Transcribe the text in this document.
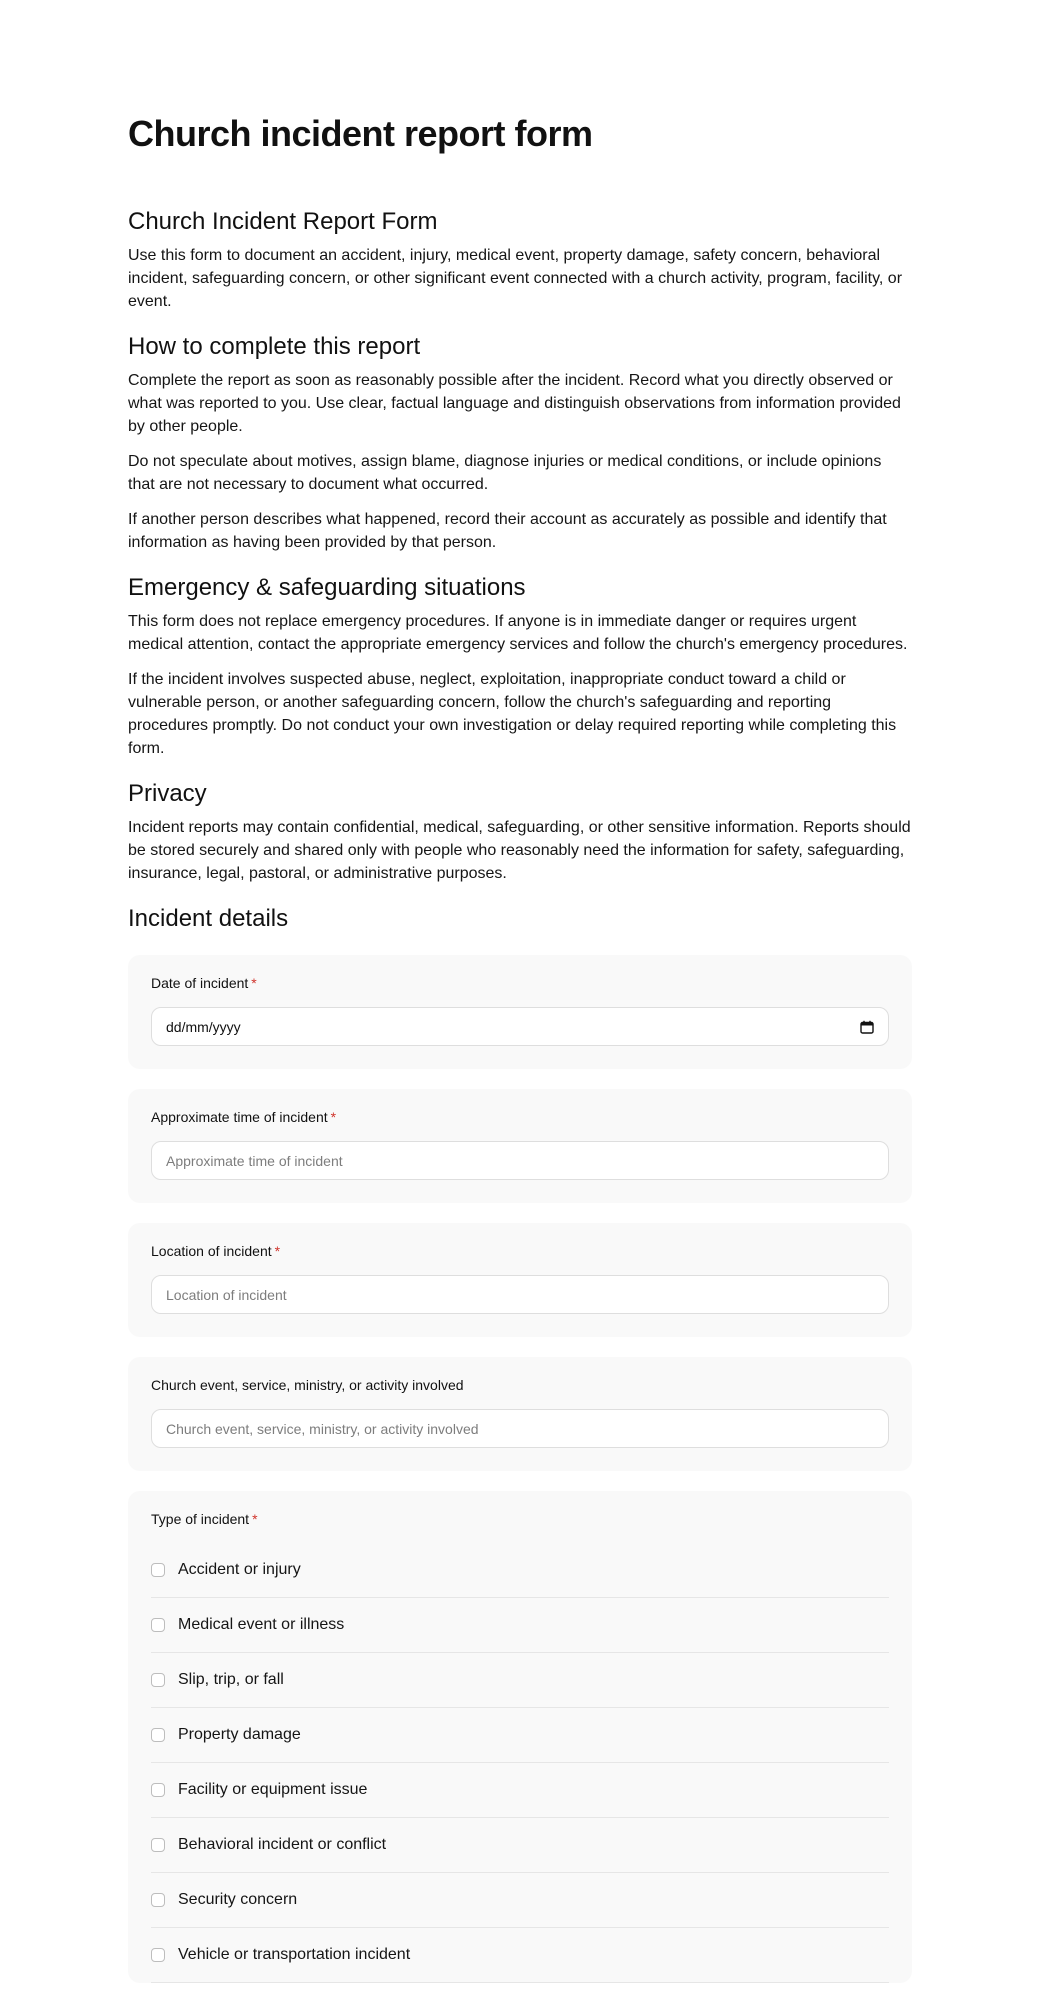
Church incident report form
Church Incident Report Form

Use this form to document an accident, injury, medical event, property damage, safety concern, behavioral incident, safeguarding concern, or other significant event connected with a church activity, program, facility, or event.

How to complete this report

Complete the report as soon as reasonably possible after the incident. Record what you directly observed or what was reported to you. Use clear, factual language and distinguish observations from information provided by other people.

Do not speculate about motives, assign blame, diagnose injuries or medical conditions, or include opinions that are not necessary to document what occurred.

If another person describes what happened, record their account as accurately as possible and identify that information as having been provided by that person.

Emergency & safeguarding situations

This form does not replace emergency procedures. If anyone is in immediate danger or requires urgent medical attention, contact the appropriate emergency services and follow the church's emergency procedures.

If the incident involves suspected abuse, neglect, exploitation, inappropriate conduct toward a child or vulnerable person, or another safeguarding concern, follow the church's safeguarding and reporting procedures promptly. Do not conduct your own investigation or delay required reporting while completing this form.

Privacy

Incident reports may contain confidential, medical, safeguarding, or other sensitive information. Reports should be stored securely and shared only with people who reasonably need the information for safety, safeguarding, insurance, legal, pastoral, or administrative purposes.

Incident details
Date of incident *
dd/mm/yyyy
Approximate time of incident *
Approximate time of incident
Location of incident *
Location of incident
Church event, service, ministry, or activity involved
Church event, service, ministry, or activity involved
Type of incident *
Accident or injury
Medical event or illness
Slip, trip, or fall
Property damage
Facility or equipment issue
Behavioral incident or conflict
Security concern
Vehicle or transportation incident
